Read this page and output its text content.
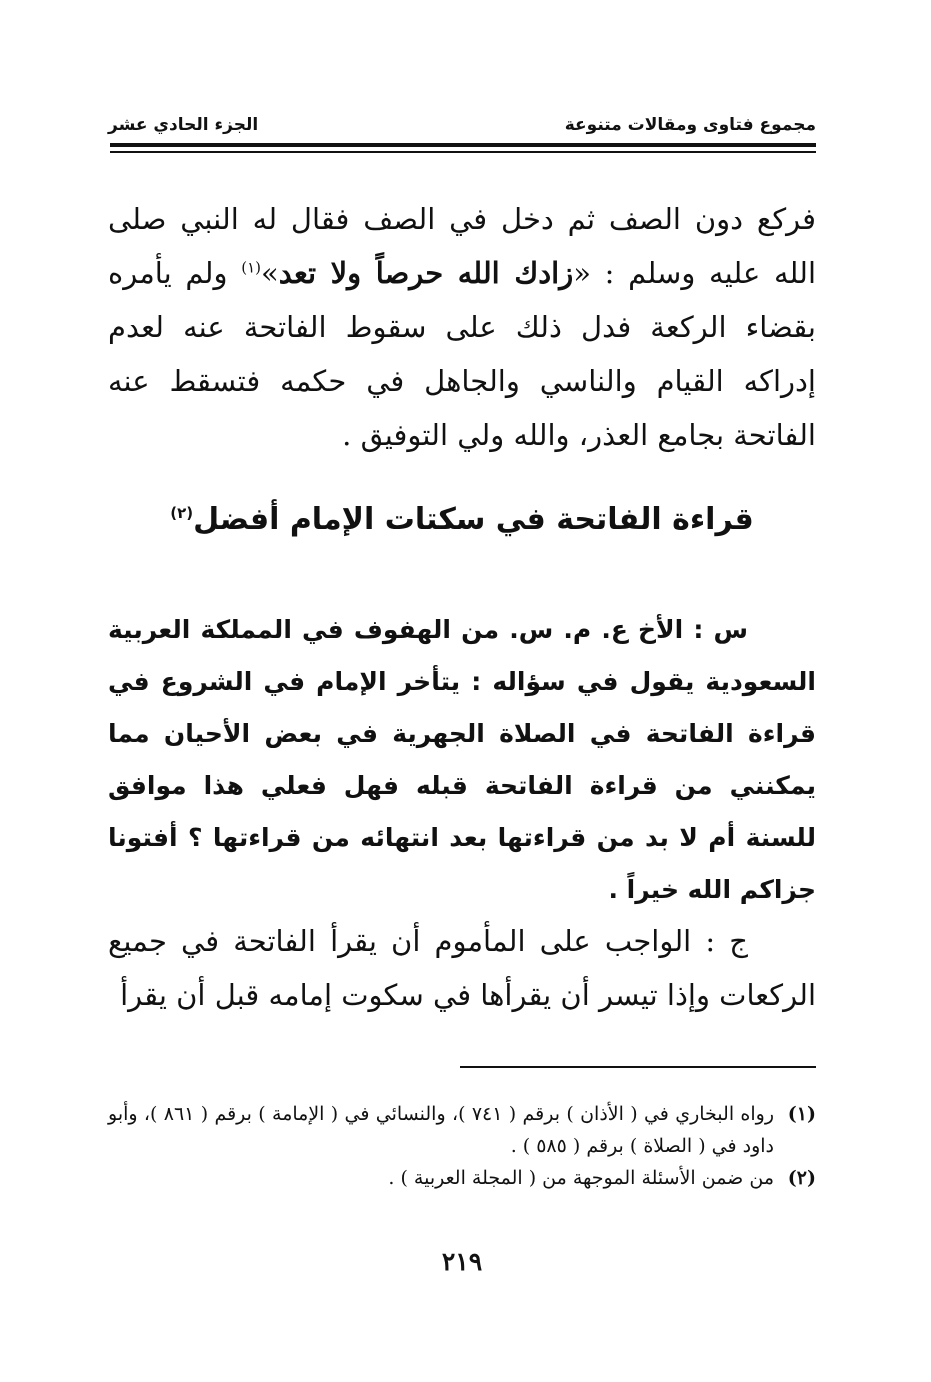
مجموع فتاوى ومقالات متنوعة
الجزء الحادي عشر
فركع دون الصف ثم دخل في الصف فقال له النبي صلى الله عليه وسلم : «زادك الله حرصاً ولا تعد»$^{(١)}$ ولم يأمره بقضاء الركعة فدل ذلك على سقوط الفاتحة عنه لعدم إدراكه القيام والناسي والجاهل في حكمه فتسقط عنه الفاتحة بجامع العذر، والله ولي التوفيق .
قراءة الفاتحة في سكتات الإمام أفضل$^{(٢)}$
س : الأخ ع. م. س. من الهفوف في المملكة العربية السعودية يقول في سؤاله : يتأخر الإمام في الشروع في قراءة الفاتحة في الصلاة الجهرية في بعض الأحيان مما يمكنني من قراءة الفاتحة قبله فهل فعلي هذا موافق للسنة أم لا بد من قراءتها بعد انتهائه من قراءتها ؟ أفتونا جزاكم الله خيراً .
ج : الواجب على المأموم أن يقرأ الفاتحة في جميع الركعات وإذا تيسر أن يقرأها في سكوت إمامه قبل أن يقرأ
(١)
رواه البخاري في ( الأذان ) برقم ( ٧٤١ )، والنسائي في ( الإمامة ) برقم ( ٨٦١ )، وأبو داود في ( الصلاة ) برقم ( ٥٨٥ ) .
(٢)
من ضمن الأسئلة الموجهة من ( المجلة العربية ) .
٢١٩
